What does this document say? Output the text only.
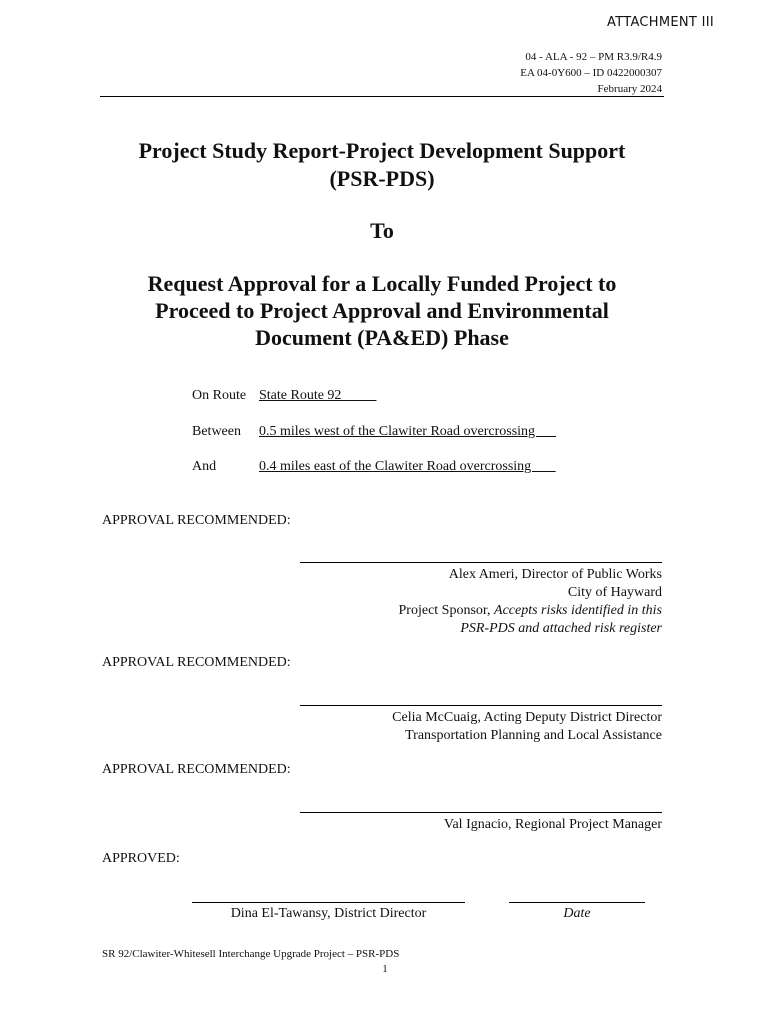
ATTACHMENT III
04 - ALA - 92 – PM R3.9/R4.9
EA 04-0Y600 – ID 0422000307
February 2024
Project Study Report-Project Development Support
(PSR-PDS)
To
Request Approval for a Locally Funded Project to
Proceed to Project Approval and Environmental
Document (PA&ED) Phase
On Route State Route 92
Between 0.5 miles west of the Clawiter Road overcrossing
And	0.4 miles east of the Clawiter Road overcrossing
APPROVAL RECOMMENDED:
Alex Ameri, Director of Public Works
City of Hayward
Project Sponsor, Accepts risks identified in this
PSR-PDS and attached risk register
APPROVAL RECOMMENDED:
Celia McCuaig, Acting Deputy District Director
Transportation Planning and Local Assistance
APPROVAL RECOMMENDED:
Val Ignacio, Regional Project Manager
APPROVED:
Dina El-Tawansy, District Director	Date
SR 92/Clawiter-Whitesell Interchange Upgrade Project – PSR-PDS
1
